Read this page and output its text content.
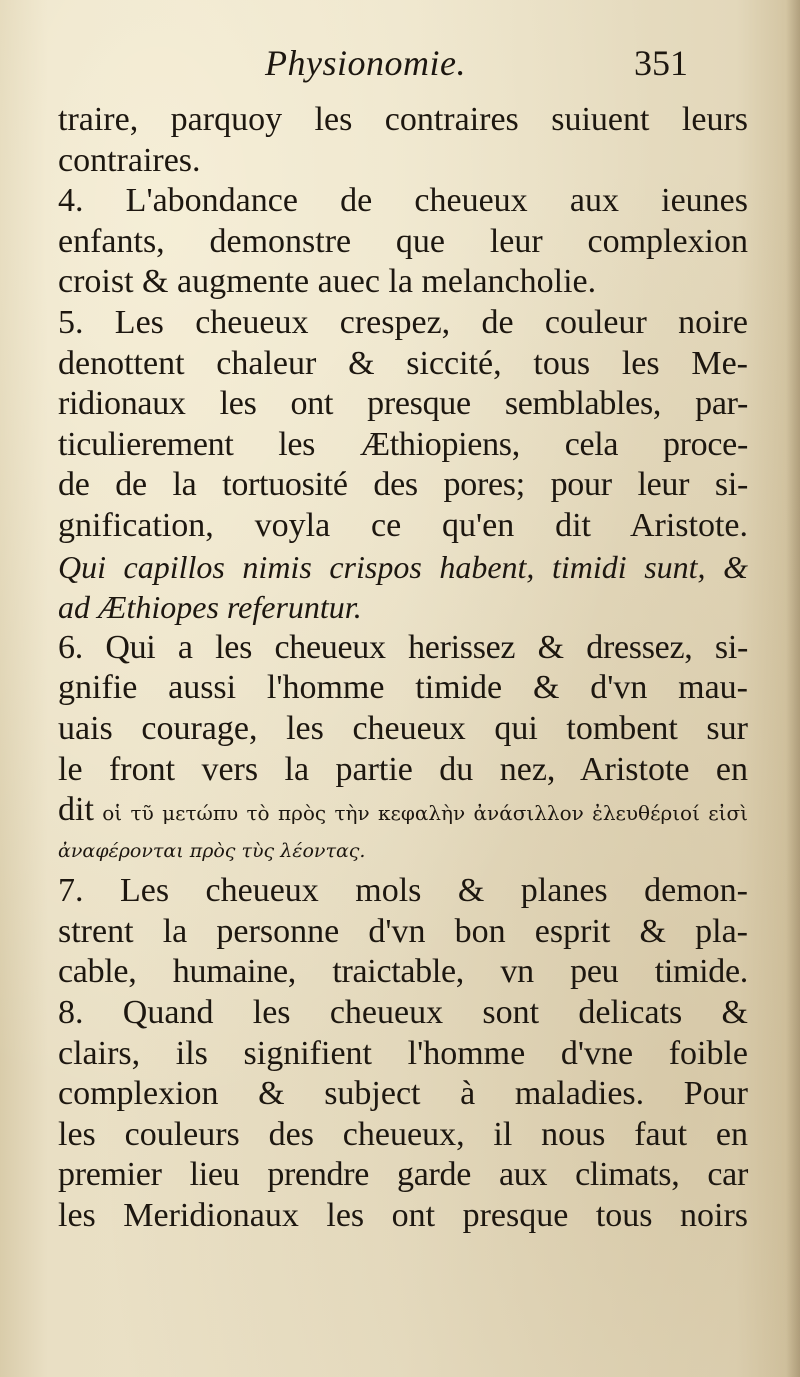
Physionomie.	351
traire, parquoy les contraires suiuent leurs
contraires.
4. L'abondance de cheueux aux ieunes
enfants, demonstre que leur complexion
croist & augmente auec la melancholie.
5. Les cheueux crespez, de couleur noire
denottent chaleur & siccité, tous les Me-
ridionaux les ont presque semblables, par-
ticulierement les Æthiopiens, cela proce-
de de la tortuosité des pores; pour leur si-
gnification, voyla ce qu'en dit Aristote.
Qui capillos nimis crispos habent, timidi sunt, &
ad Æthiopes referuntur.
6. Qui a les cheueux herissez & dressez, si-
gnifie aussi l'homme timide & d'vn mau-
uais courage, les cheueux qui tombent sur
le front vers la partie du nez, Aristote en
dit οἱ τῦ μετώπυ τὸ πρὸς τὴν κεφαλὴν ἀνάσιλλον ἐλευθέριοί εἰσὶ
ἀναφέρονται πρὸς τὺς λέοντας.
7. Les cheueux mols & planes demon-
strent la personne d'vn bon esprit & pla-
cable, humaine, traictable, vn peu timide.
8. Quand les cheueux sont delicats &
clairs, ils signifient l'homme d'vne foible
complexion & subject à maladies. Pour
les couleurs des cheueux, il nous faut en
premier lieu prendre garde aux climats, car
les Meridionaux les ont presque tous noirs
